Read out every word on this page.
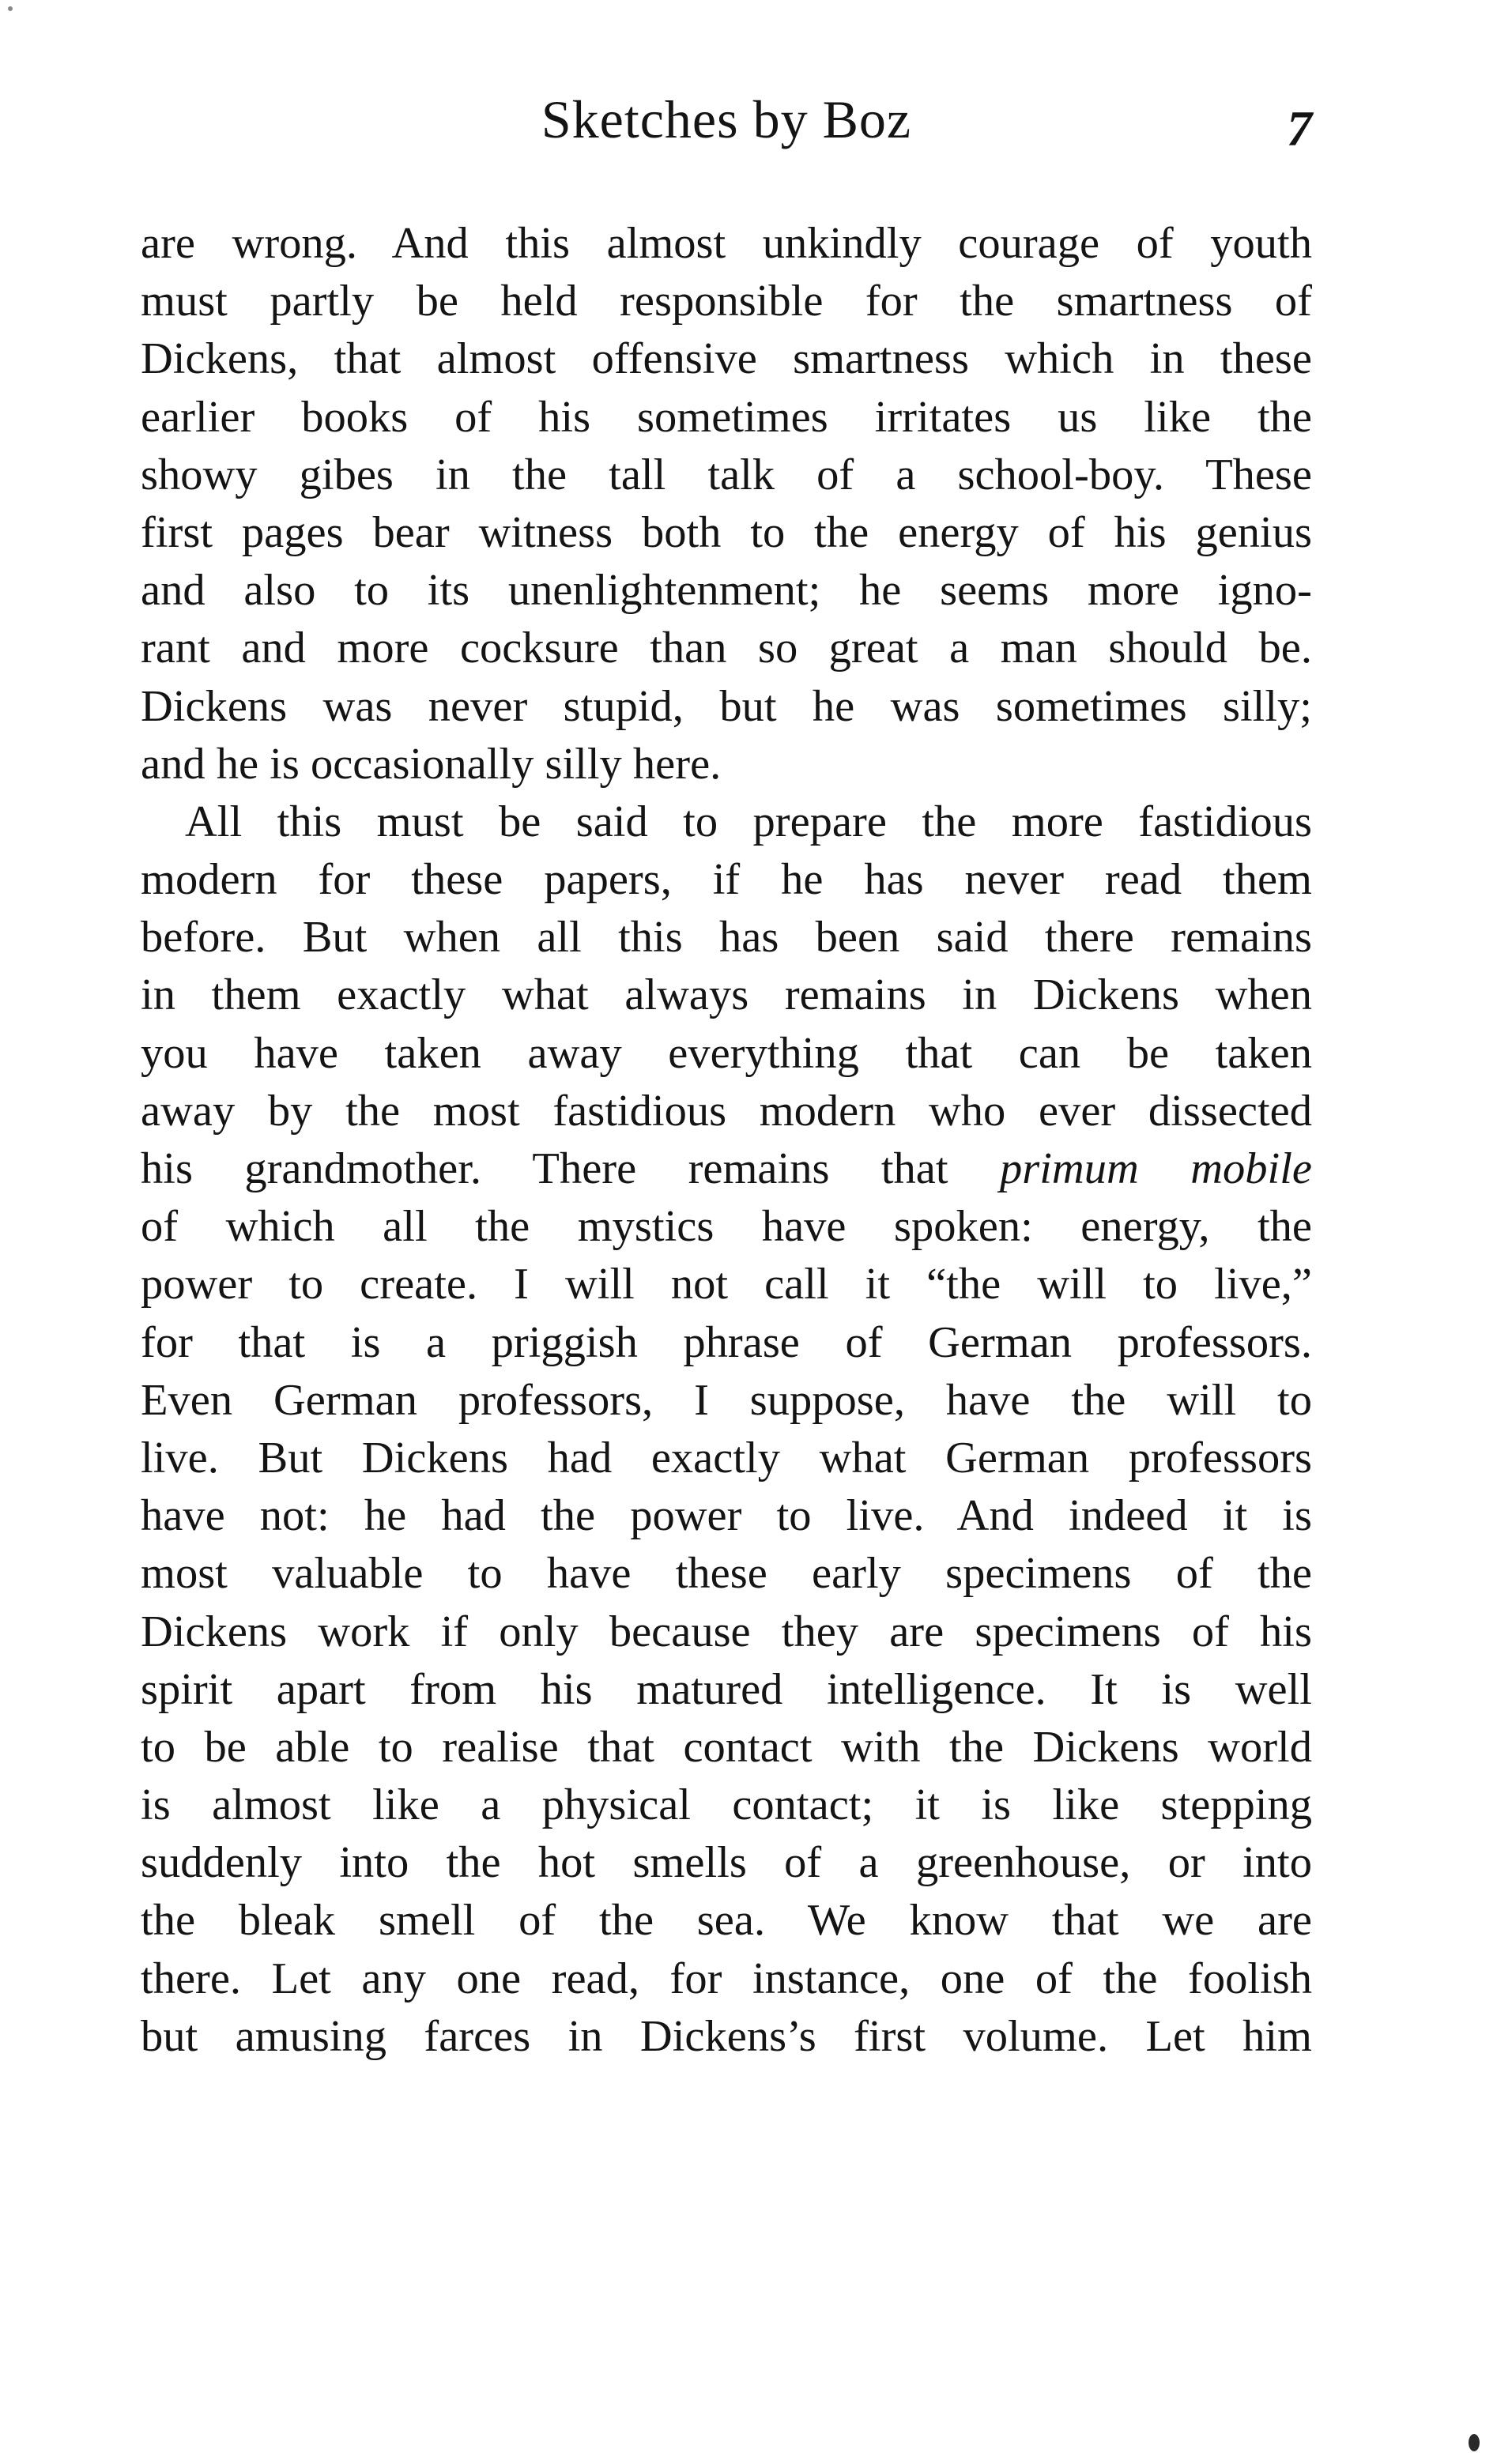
Sketches by Boz	7
are wrong. And this almost unkindly courage of youth
must partly be held responsible for the smartness of
Dickens, that almost offensive smartness which in these
earlier books of his sometimes irritates us like the
showy gibes in the tall talk of a school-boy. These
first pages bear witness both to the energy of his genius
and also to its unenlightenment; he seems more igno-
rant and more cocksure than so great a man should be.
Dickens was never stupid, but he was sometimes silly;
and he is occasionally silly here.
All this must be said to prepare the more fastidious
modern for these papers, if he has never read them
before. But when all this has been said there remains
in them exactly what always remains in Dickens when
you have taken away everything that can be taken
away by the most fastidious modern who ever dissected
his grandmother. There remains that primum mobile
of which all the mystics have spoken: energy, the
power to create. I will not call it “the will to live,”
for that is a priggish phrase of German professors.
Even German professors, I suppose, have the will to
live. But Dickens had exactly what German professors
have not: he had the power to live. And indeed it is
most valuable to have these early specimens of the
Dickens work if only because they are specimens of his
spirit apart from his matured intelligence. It is well
to be able to realise that contact with the Dickens world
is almost like a physical contact; it is like stepping
suddenly into the hot smells of a greenhouse, or into
the bleak smell of the sea. We know that we are
there. Let any one read, for instance, one of the foolish
but amusing farces in Dickens’s first volume. Let him
